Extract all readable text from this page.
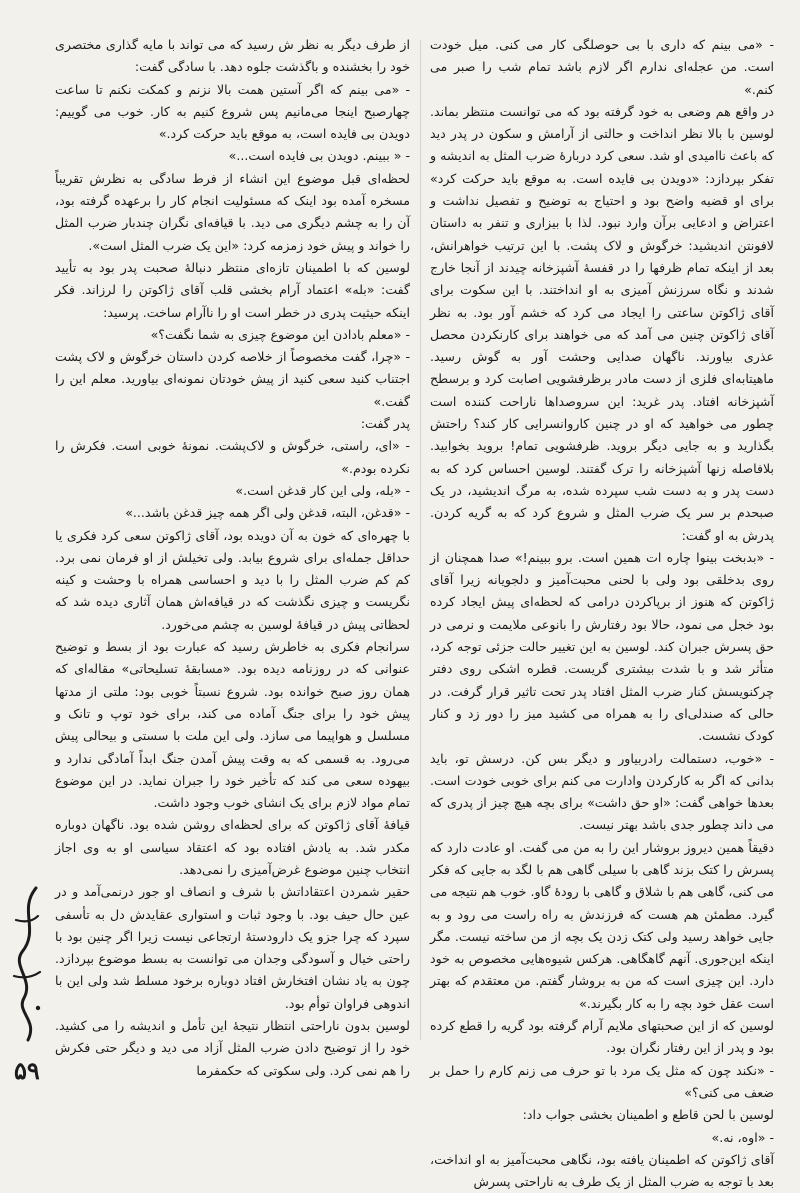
- «می بینم که داری با بی حوصلگی کار می کنی. میل خودت است. من عجله‌ای ندارم اگر لازم باشد تمام شب را صبر می کنم.»

در واقع هم وضعی به خود گرفته بود که می توانست منتظر بماند. لوسین با بالا نظر انداخت و حالتی از آرامش و سکون در پدر دید که باعث ناامیدی او شد. سعی کرد دربارهٔ ضرب المثل به اندیشه و تفکر بپردازد: «دویدن بی فایده است. به موقع باید حرکت کرد» برای او قضیه واضح بود و احتیاج به توضیح و تفصیل نداشت و اعتراض و ادعایی برآن وارد نبود. لذا با بیزاری و تنفر به داستان لافونتن اندیشید: خرگوش و لاک پشت. با این ترتیب خواهرانش، بعد از اینکه تمام ظرفها را در قفسهٔ آشپزخانه چیدند از آنجا خارج شدند و نگاه سرزنش آمیزی به او انداختند. با این سکوت برای آقای ژاکوتن ساعتی را ایجاد می کرد که خشم آور بود. به نظر آقای ژاکوتن چنین می آمد که می خواهند برای کارنکردن محصل عذری بیاورند. ناگهان صدایی وحشت آور به گوش رسید. ماهیتابه‌ای فلزی از دست مادر برظرفشویی اصابت کرد و برسطح آشپزخانه افتاد. پدر غرید: این سروصداها ناراحت کننده است چطور می خواهید که او در چنین کاروانسرایی کار کند؟ راحتش بگذارید و به جایی دیگر بروید. ظرفشویی تمام! بروید بخوابید. بلافاصله زنها آشپزخانه را ترک گفتند. لوسین احساس کرد که به دست پدر و به دست شب سپرده شده، به مرگ اندیشید، در یک صبحدم بر سر یک ضرب المثل و شروع کرد که به گریه کردن. پدرش به او گفت:

- «بدبخت بینوا چاره ات همین است. برو ببینم!» صدا همچنان از روی بدخلقی بود ولی با لحنی محبت‌آمیز و دلجویانه زیرا آقای ژاکوتن که هنوز از برپاکردن درامی که لحظه‌ای پیش ایجاد کرده بود خجل می نمود، حالا بود رفتارش را بانوعی ملایمت و نرمی در حق پسرش جبران کند. لوسین به این تغییر حالت جزئی توجه کرد، متأثر شد و با شدت بیشتری گریست. قطره اشکی روی دفتر چرکنویسش کنار ضرب المثل افتاد پدر تحت تاثیر قرار گرفت. در حالی که صندلی‌ای را به همراه می کشید میز را دور زد و کنار کودک نشست.

- «خوب، دستمالت رادربیاور و دیگر بس کن. درسش تو، باید بدانی که اگر به کارکردن وادارت می کنم برای خوبی خودت است. بعدها خواهی گفت: «او حق داشت» برای بچه هیچ چیز از پدری که می داند چطور جدی باشد بهتر نیست.

دقیقاً همین دیروز بروشار این را به من می گفت. او عادت دارد که پسرش را کتک بزند گاهی با سیلی گاهی هم با لگد به جایی که فکر می کنی، گاهی هم با شلاق و گاهی با رودهٔ گاو. خوب هم نتیجه می گیرد. مطمئن هم هست که فرزندش به راه راست می رود و به جایی خواهد رسید ولی کتک زدن یک بچه از من ساخته نیست. مگر اینکه این‌جوری. آنهم گاهگاهی. هرکس شیوه‌هایی مخصوص به خود دارد. این چیزی است که من به بروشار گفتم. من معتقدم که بهتر است عقل خود بچه را به کار بگیرند.»

لوسین که از این صحبتهای ملایم آرام گرفته بود گریه را قطع کرده بود و پدر از این رفتار نگران بود.

- «نکند چون که مثل یک مرد با تو حرف می زنم کارم را حمل بر ضعف می کنی؟»

لوسین با لحن قاطع و اطمینان بخشی جواب داد:

- «اوه، نه.»

آقای ژاکوتن که اطمینان یافته بود، نگاهی محبت‌آمیز به او انداخت، بعد با توجه به ضرب المثل از یک طرف به ناراحتی پسرش

از طرف دیگر به نظر ش رسید که می تواند با مایه گذاری مختصری خود را بخشنده و باگذشت جلوه دهد. با سادگی گفت:

- «می بینم که اگر آستین همت بالا نزنم و کمکت نکنم تا ساعت چهارصبح اینجا می‌مانیم پس شروع کنیم به کار. خوب می گوییم: دویدن بی فایده است، به موقع باید حرکت کرد.»

- « ببینم. دویدن بی فایده است...»

لحظه‌ای قبل موضوع این انشاء از فرط سادگی به نظرش تقریباً مسخره آمده بود اینک که مسئولیت انجام کار را برعهده گرفته بود، آن را به چشم دیگری می دید. با قیافه‌ای نگران چندبار ضرب المثل را خواند و پیش خود زمزمه کرد: «این یک ضرب المثل است».

لوسین که با اطمینان تازه‌ای منتظر دنبالهٔ صحبت پدر بود به تأیید گفت: «بله» اعتماد آرام بخشی قلب آقای ژاکوتن را لرزاند. فکر اینکه حیثیت پدری در خطر است او را ناآرام ساخت. پرسید:

- «معلم بادادن این موضوع چیزی به شما نگفت؟»

- «چرا، گفت مخصوصاً از خلاصه کردن داستان خرگوش و لاک پشت اجتناب کنید سعی کنید از پیش خودتان نمونه‌ای بیاورید. معلم این را گفت.»

پدر گفت:

- «ای، راستی، خرگوش و لاک‌پشت. نمونهٔ خوبی است. فکرش را نکرده بودم.»

- «بله، ولی این کار قدغن است.»

- «قدغن، البته، قدغن ولی اگر همه چیز قدغن باشد...»

با چهره‌ای که خون به آن دویده بود، آقای ژاکوتن سعی کرد فکری یا حداقل جمله‌ای برای شروع بیابد. ولی تخیلش از او فرمان نمی برد. کم کم ضرب المثل را با دید و احساسی همراه با وحشت و کینه نگریست و چیزی نگذشت که در قیافه‌اش همان آثاری دیده شد که لحظاتی پیش در قیافهٔ لوسین به چشم می‌خورد.

سرانجام فکری به خاطرش رسید که عبارت بود از بسط و توضیح عنوانی که در روزنامه دیده بود. «مسابقهٔ تسلیحاتی» مقاله‌ای که همان روز صبح خوانده بود. شروع نسبتاً خوبی بود: ملتی از مدتها پیش خود را برای جنگ آماده می کند، برای خود توپ و تانک و مسلسل و هواپیما می سازد. ولی این ملت با سستی و بیحالی پیش می‌رود. به قسمی که به وقت پیش آمدن جنگ ابداً آمادگی ندارد و بیهوده سعی می کند که تأخیر خود را جبران نماید. در این موضوع تمام مواد لازم برای یک انشای خوب وجود داشت.

قیافهٔ آقای ژاکوتن که برای لحظه‌ای روشن شده بود. ناگهان دوباره مکدر شد. به یادش افتاده بود که اعتقاد سیاسی او به وی اجاز انتخاب چنین موضوع غرض‌آمیزی را نمی‌دهد.

حقیر شمردن اعتقاداتش با شرف و انصاف او جور درنمی‌آمد و در عین حال حیف بود. با وجود ثبات و استواری عقایدش دل به تأسفی سپرد که چرا جزو یک دارودستهٔ ارتجاعی نیست زیرا اگر چنین بود با راحتی خیال و آسودگی وجدان می توانست به بسط موضوع بپردازد. چون به یاد نشان افتخارش افتاد دوباره برخود مسلط شد ولی این با اندوهی فراوان توأم بود.

لوسین بدون ناراحتی انتظار نتیجهٔ این تأمل و اندیشه را می کشید. خود را از توضیح دادن ضرب المثل آزاد می دید و دیگر حتی فکرش را هم نمی کرد. ولی سکوتی که حکمفرما

۵۹
